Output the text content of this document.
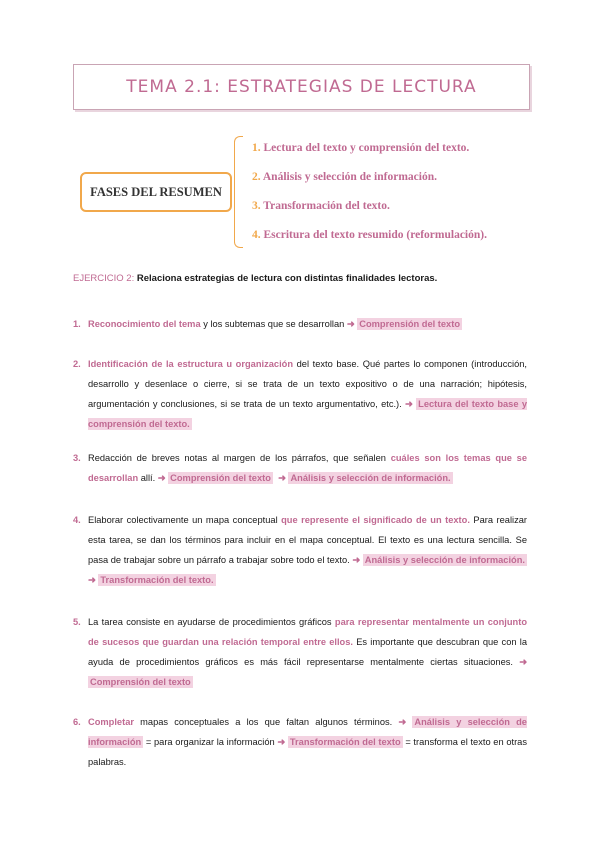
TEMA 2.1: ESTRATEGIAS DE LECTURA
FASES DEL RESUMEN
1. Lectura del texto y comprensión del texto.
2. Análisis y selección de información.
3. Transformación del texto.
4. Escritura del texto resumido (reformulación).
EJERCICIO 2: Relaciona estrategias de lectura con distintas finalidades lectoras.
1. Reconocimiento del tema y los subtemas que se desarrollan ➜ Comprensión del texto
2. Identificación de la estructura u organización del texto base. Qué partes lo componen (introducción, desarrollo y desenlace o cierre, si se trata de un texto expositivo o de una narración; hipótesis, argumentación y conclusiones, si se trata de un texto argumentativo, etc.). ➜ Lectura del texto base y comprensión del texto.
3. Redacción de breves notas al margen de los párrafos, que señalen cuáles son los temas que se desarrollan allí. ➜ Comprensión del texto ➜ Análisis y selección de información.
4. Elaborar colectivamente un mapa conceptual que represente el significado de un texto. Para realizar esta tarea, se dan los términos para incluir en el mapa conceptual. El texto es una lectura sencilla. Se pasa de trabajar sobre un párrafo a trabajar sobre todo el texto. ➜ Análisis y selección de información. ➜ Transformación del texto.
5. La tarea consiste en ayudarse de procedimientos gráficos para representar mentalmente un conjunto de sucesos que guardan una relación temporal entre ellos. Es importante que descubran que con la ayuda de procedimientos gráficos es más fácil representarse mentalmente ciertas situaciones. ➜ Comprensión del texto
6. Completar mapas conceptuales a los que faltan algunos términos. ➜ Análisis y selección de información = para organizar la información ➜ Transformación del texto = transforma el texto en otras palabras.
